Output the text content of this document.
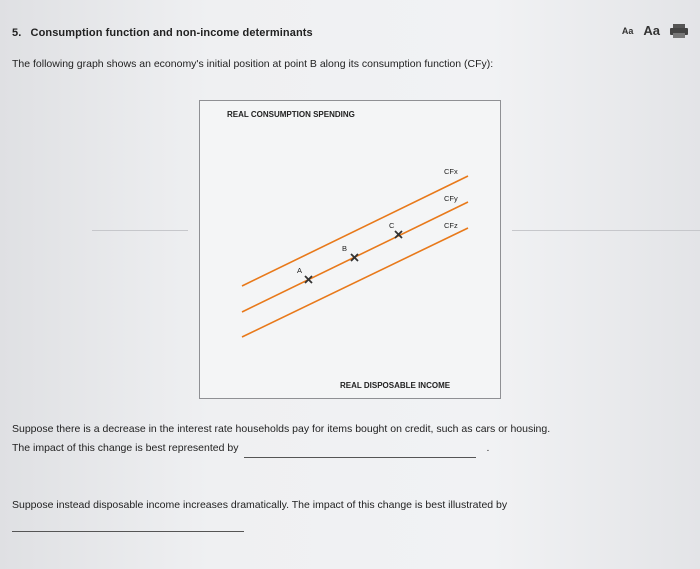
5. Consumption function and non-income determinants	Aa Aa
The following graph shows an economy's initial position at point B along its consumption function (CFy):
REAL CONSUMPTION SPENDING
CFx
CFy
CFz
A
B
C
REAL DISPOSABLE INCOME
Suppose there is a decrease in the interest rate households pay for items bought on credit, such as cars or housing.
The impact of this change is best represented by	.
Suppose instead disposable income increases dramatically. The impact of this change is best illustrated by
